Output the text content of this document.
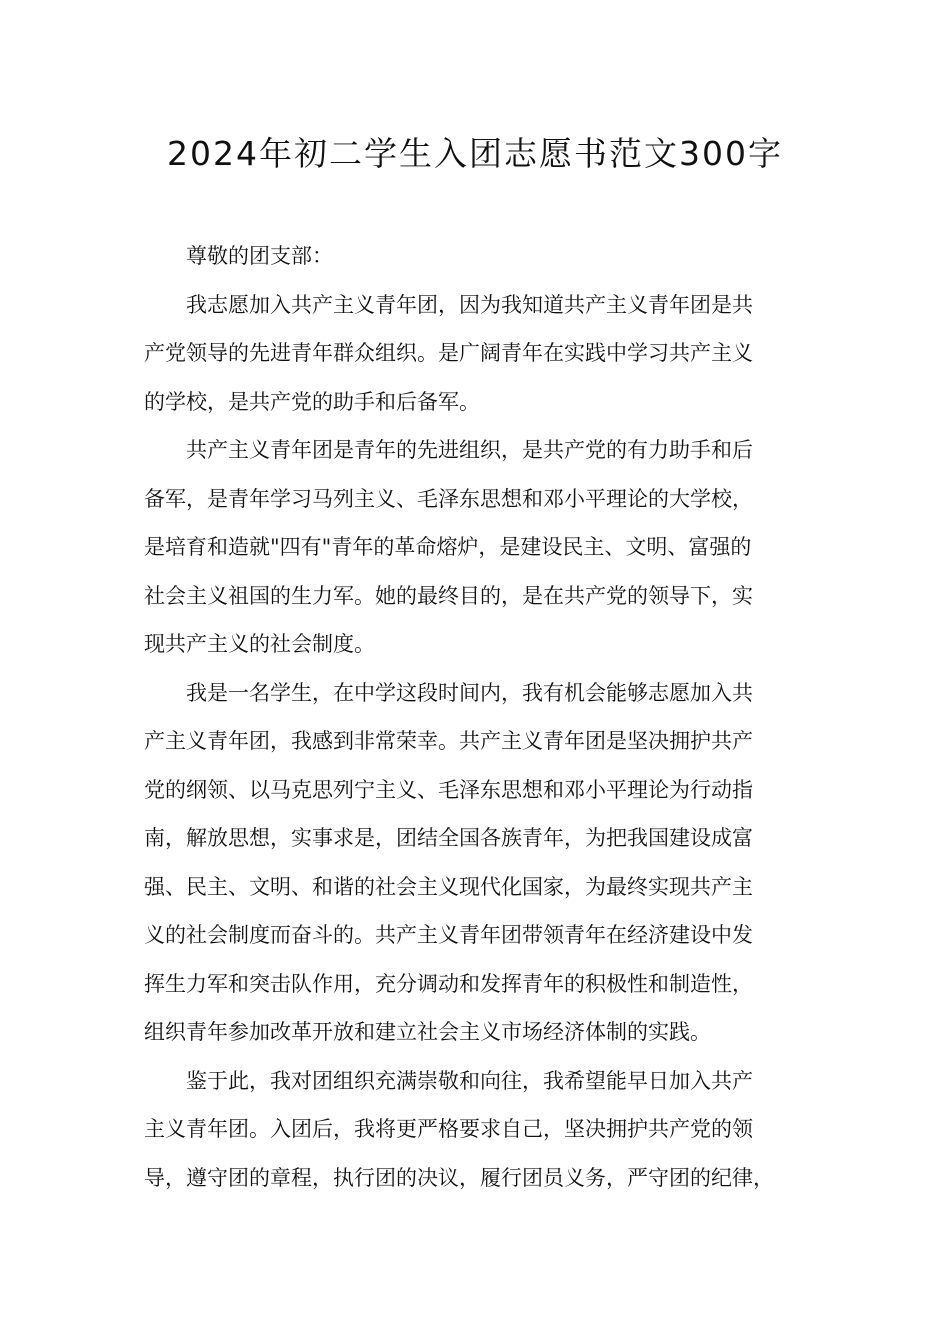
2024年初二学生入团志愿书范文300字

尊敬的团支部：

我志愿加入共产主义青年团，因为我知道共产主义青年团是共
产党领导的先进青年群众组织。是广阔青年在实践中学习共产主义
的学校，是共产党的助手和后备军。

共产主义青年团是青年的先进组织，是共产党的有力助手和后
备军，是青年学习马列主义、毛泽东思想和邓小平理论的大学校，
是培育和造就"四有"青年的革命熔炉，是建设民主、文明、富强的
社会主义祖国的生力军。她的最终目的，是在共产党的领导下，实
现共产主义的社会制度。

我是一名学生，在中学这段时间内，我有机会能够志愿加入共
产主义青年团，我感到非常荣幸。共产主义青年团是坚决拥护共产
党的纲领、以马克思列宁主义、毛泽东思想和邓小平理论为行动指
南，解放思想，实事求是，团结全国各族青年，为把我国建设成富
强、民主、文明、和谐的社会主义现代化国家，为最终实现共产主
义的社会制度而奋斗的。共产主义青年团带领青年在经济建设中发
挥生力军和突击队作用，充分调动和发挥青年的积极性和制造性，
组织青年参加改革开放和建立社会主义市场经济体制的实践。

鉴于此，我对团组织充满崇敬和向往，我希望能早日加入共产
主义青年团。入团后，我将更严格要求自己，坚决拥护共产党的领
导，遵守团的章程，执行团的决议，履行团员义务，严守团的纪律，
